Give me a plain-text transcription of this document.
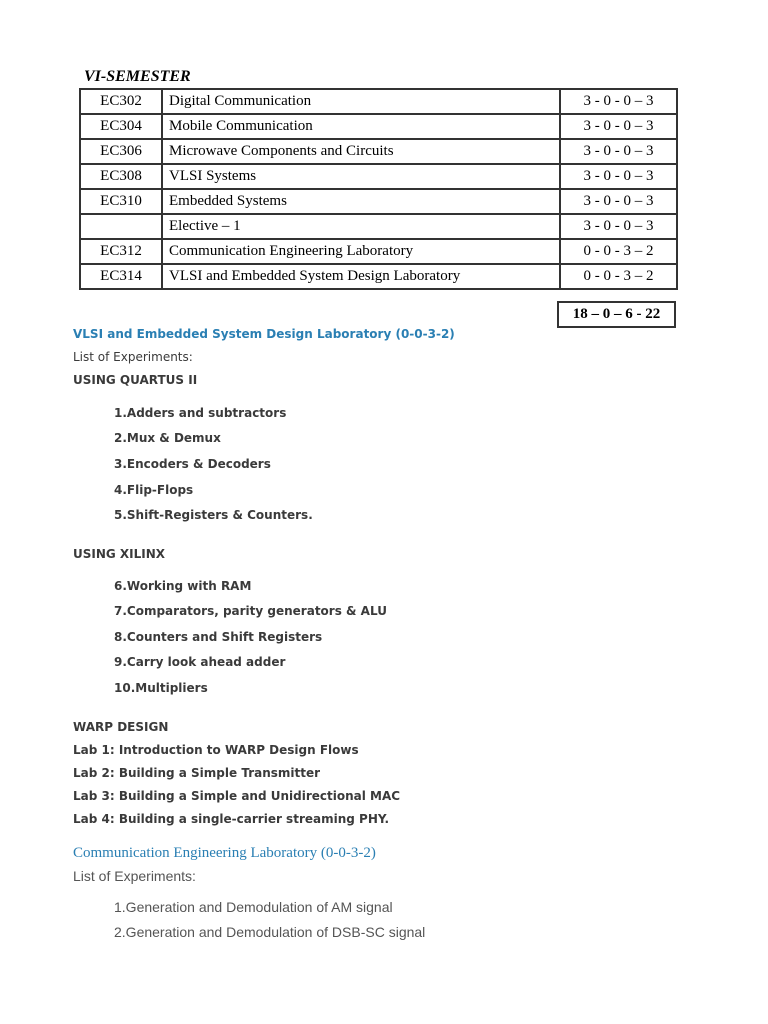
VI-SEMESTER
EC302	Digital Communication	3 - 0 - 0 – 3
EC304	Mobile Communication	3 - 0 - 0 – 3
EC306	Microwave Components and Circuits	3 - 0 - 0 – 3
EC308	VLSI Systems	3 - 0 - 0 – 3
EC310	Embedded Systems	3 - 0 - 0 – 3
	Elective – 1	3 - 0 - 0 – 3
EC312	Communication Engineering Laboratory	0 - 0 - 3 – 2
EC314	VLSI and Embedded System Design Laboratory	0 - 0 - 3 – 2
18 – 0 – 6 - 22

VLSI and Embedded System Design Laboratory (0-0-3-2)

List of Experiments:

USING QUARTUS II

1.Adders and subtractors

2.Mux & Demux

3.Encoders & Decoders

4.Flip-Flops

5.Shift-Registers & Counters.

USING XILINX

6.Working with RAM

7.Comparators, parity generators & ALU

8.Counters and Shift Registers

9.Carry look ahead adder

10.Multipliers

WARP DESIGN

Lab 1: Introduction to WARP Design Flows

Lab 2: Building a Simple Transmitter

Lab 3: Building a Simple and Unidirectional MAC

Lab 4: Building a single-carrier streaming PHY.

Communication Engineering Laboratory (0-0-3-2)

List of Experiments:

1.Generation and Demodulation of AM signal

2.Generation and Demodulation of DSB-SC signal
